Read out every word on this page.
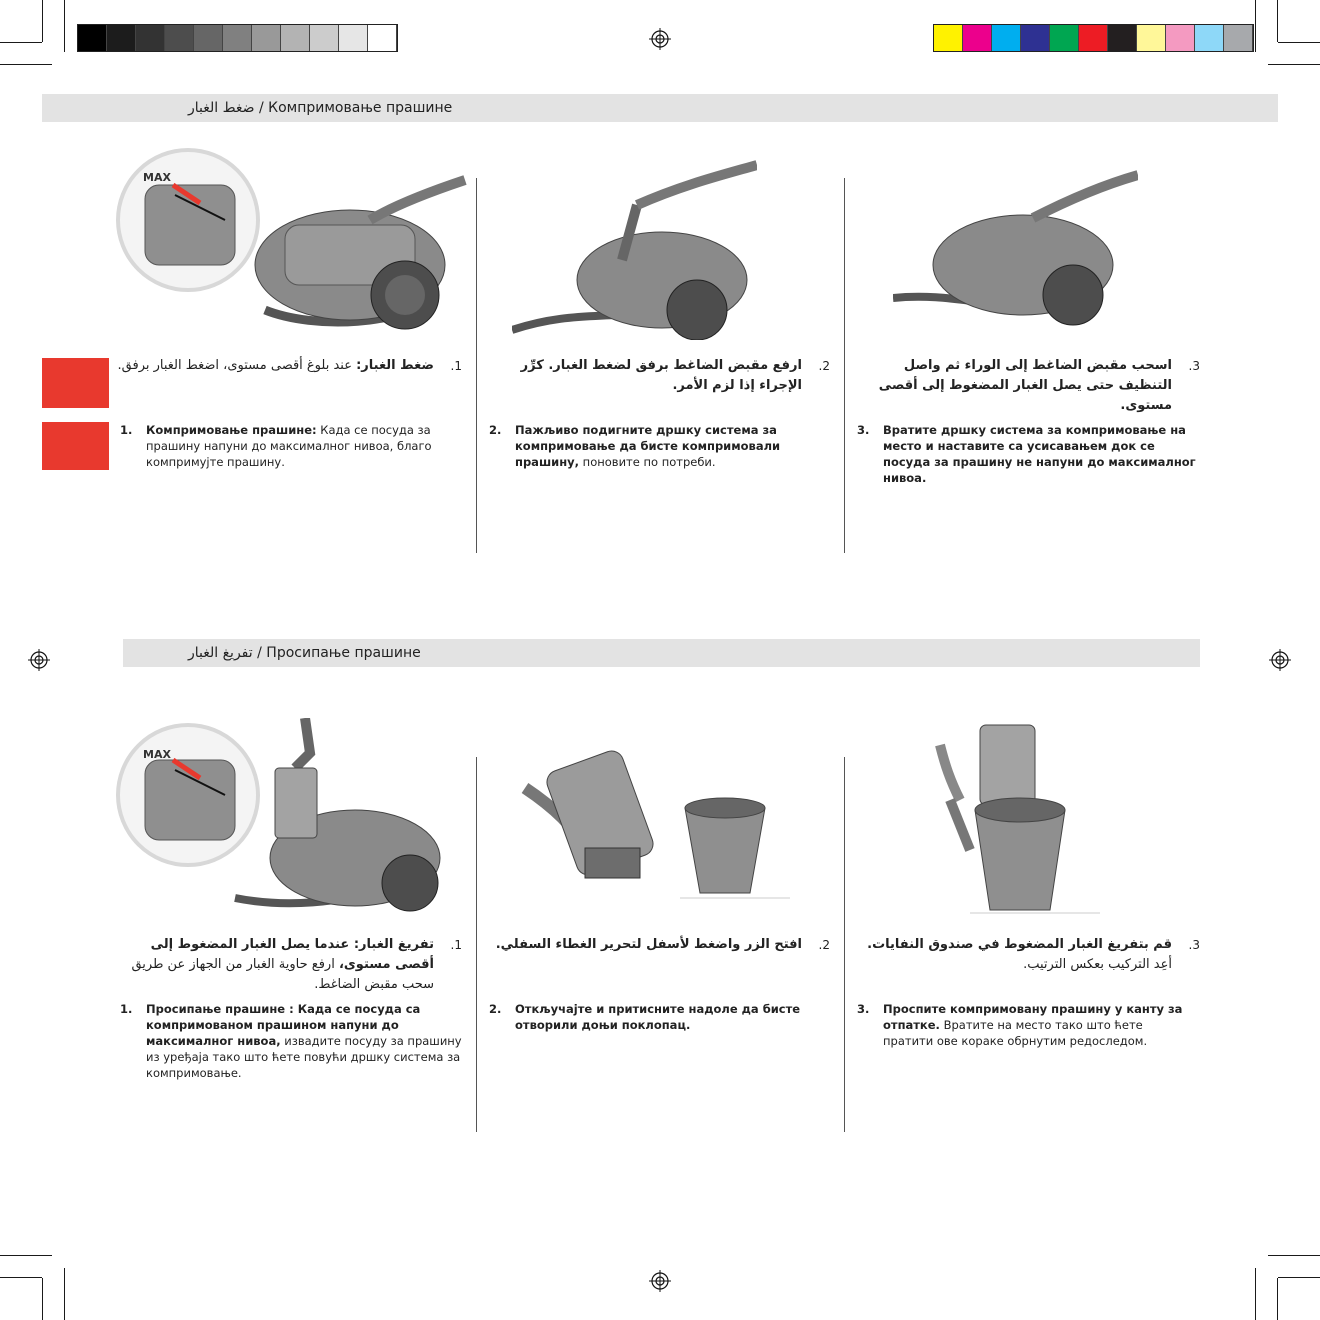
ضغط الغبار / Компримовање прашине
MAX
.1
ضغط الغبار: عند بلوغ أقصى مستوى، اضغط الغبار برفق.
1. Компримовање прашине: Када се посуда за прашину напуни до максималног нивоа, благо компримујте прашину.
.2
ارفع مقبض الضاغط برفق لضغط الغبار. كرِّر الإجراء إذا لزم الأمر.
2. Пажљиво подигните дршку система за компримовање да бисте компримовали прашину, поновите по потреби.
.3
اسحب مقبض الضاغط إلى الوراء ثم واصل التنظيف حتى يصل الغبار المضغوط إلى أقصى مستوى.
3. Вратите дршку система за компримовање на место и наставите са усисавањем док се посуда за прашину не напуни до максималног нивоа.
تفريغ الغبار / Просипање прашине
MAX
.1
تفريغ الغبار: عندما يصل الغبار المضغوط إلى أقصى مستوى، ارفع حاوية الغبار من الجهاز عن طريق سحب مقبض الضاغط.
1. Просипање прашине : Када се посуда са компримованом прашином напуни до максималног нивоа, извадите посуду за прашину из уређаја тако што ћете повући дршку система за компримовање.
.2
افتح الزر واضغط لأسفل لتحرير الغطاء السفلي.
2. Откључајте и притисните надоле да бисте отворили доњи поклопац.
.3
قم بتفريغ الغبار المضغوط في صندوق النفايات. أعِد التركيب بعكس الترتيب.
3. Проспите компримовану прашину у канту за отпатке. Вратите на место тако што ћете пратити ове кораке обрнутим редоследом.
